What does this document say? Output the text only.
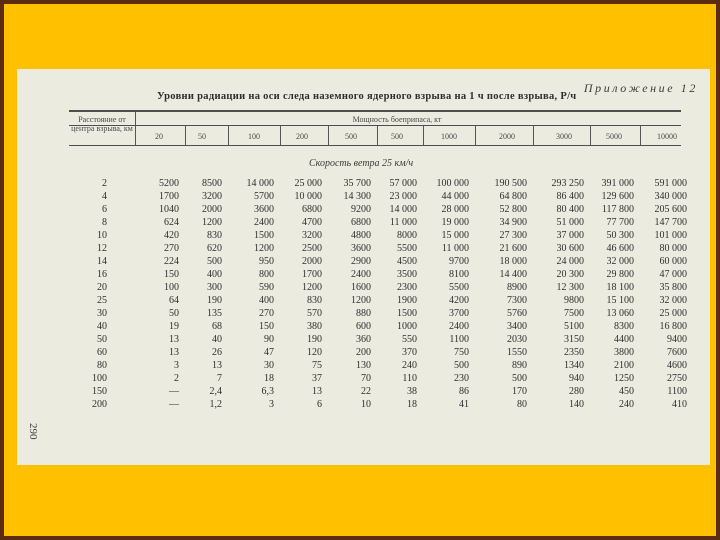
Приложение 12
Уровни радиации на оси следа наземного ядерного взрыва на 1 ч после взрыва, Р/ч
Расстояние от центра взрыва, км
Мощность боеприпаса, кт
20	50	100	200	500	500	1000	2000	3000	5000	10000
Скорость ветра 25 км/ч
2	5200	8500	14 000	25 000	35 700	57 000	100 000	190 500	293 250	391 000	591 000
4	1700	3200	5700	10 000	14 300	23 000	44 000	64 800	86 400	129 600	340 000
6	1040	2000	3600	6800	9200	14 000	28 000	52 800	80 400	117 800	205 600
8	624	1200	2400	4700	6800	11 000	19 000	34 900	51 000	77 700	147 700
10	420	830	1500	3200	4800	8000	15 000	27 300	37 000	50 300	101 000
12	270	620	1200	2500	3600	5500	11 000	21 600	30 600	46 600	80 000
14	224	500	950	2000	2900	4500	9700	18 000	24 000	32 000	60 000
16	150	400	800	1700	2400	3500	8100	14 400	20 300	29 800	47 000
20	100	300	590	1200	1600	2300	5500	8900	12 300	18 100	35 800
25	64	190	400	830	1200	1900	4200	7300	9800	15 100	32 000
30	50	135	270	570	880	1500	3700	5760	7500	13 060	25 000
40	19	68	150	380	600	1000	2400	3400	5100	8300	16 800
50	13	40	90	190	360	550	1100	2030	3150	4400	9400
60	13	26	47	120	200	370	750	1550	2350	3800	7600
80	3	13	30	75	130	240	500	890	1340	2100	4600
100	2	7	18	37	70	110	230	500	940	1250	2750
150	—	2,4	6,3	13	22	38	86	170	280	450	1100
200	—	1,2	3	6	10	18	41	80	140	240	410
290
